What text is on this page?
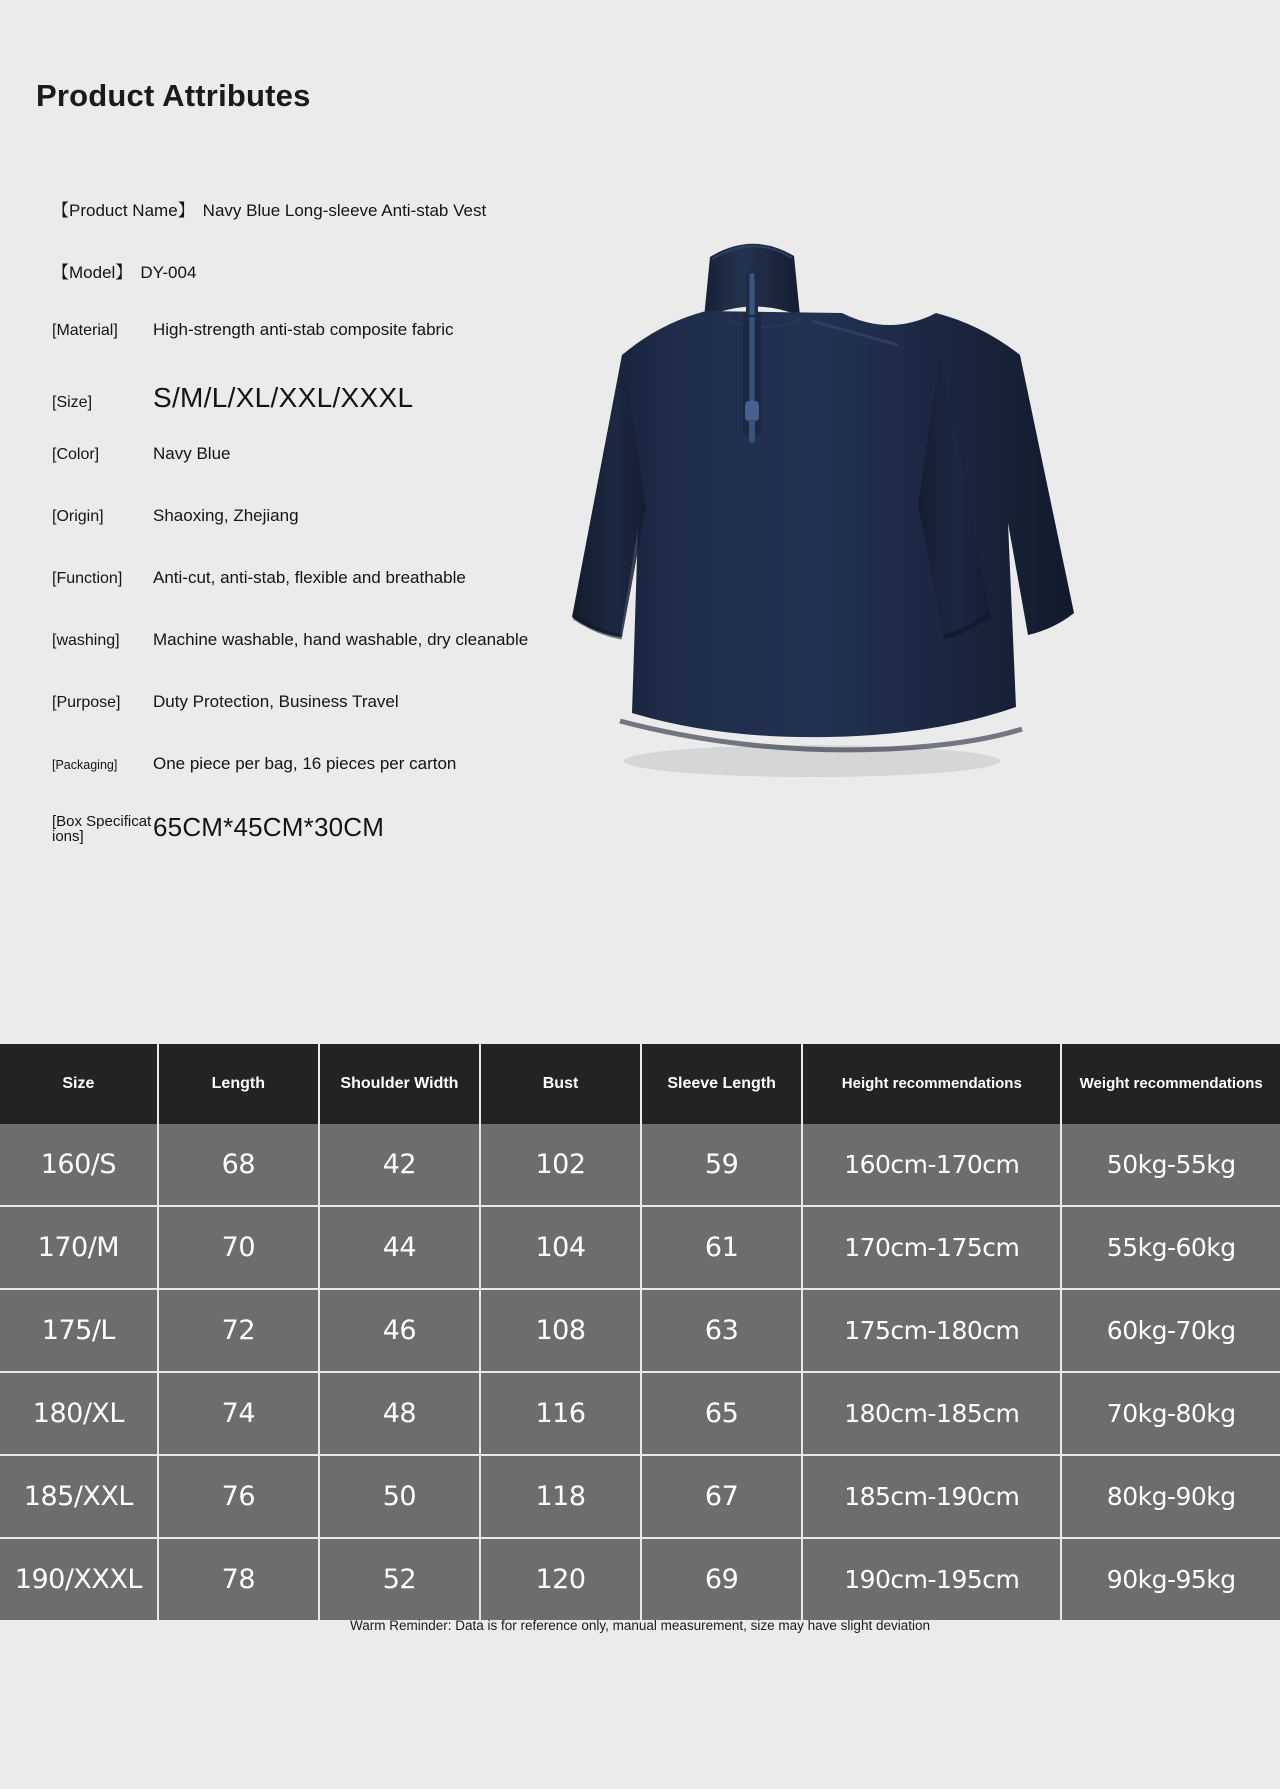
Product Attributes
【Product Name】 Navy Blue Long-sleeve Anti-stab Vest
【Model】 DY-004
[Material]	High-strength anti-stab composite fabric
[Size]	S/M/L/XL/XXL/XXXL
[Color]	Navy Blue
[Origin]	Shaoxing, Zhejiang
[Function]	Anti-cut, anti-stab, flexible and breathable
[washing]	Machine washable, hand washable, dry cleanable
[Purpose]	Duty Protection, Business Travel
[Packaging]	One piece per bag, 16 pieces per carton
[Box Specifications]	65CM*45CM*30CM
Size	Length	Shoulder Width	Bust	Sleeve Length	Height recommendations	Weight recommendations
160/S	68	42	102	59	160cm-170cm	50kg-55kg
170/M	70	44	104	61	170cm-175cm	55kg-60kg
175/L	72	46	108	63	175cm-180cm	60kg-70kg
180/XL	74	48	116	65	180cm-185cm	70kg-80kg
185/XXL	76	50	118	67	185cm-190cm	80kg-90kg
190/XXXL	78	52	120	69	190cm-195cm	90kg-95kg
Warm Reminder: Data is for reference only, manual measurement, size may have slight deviation
